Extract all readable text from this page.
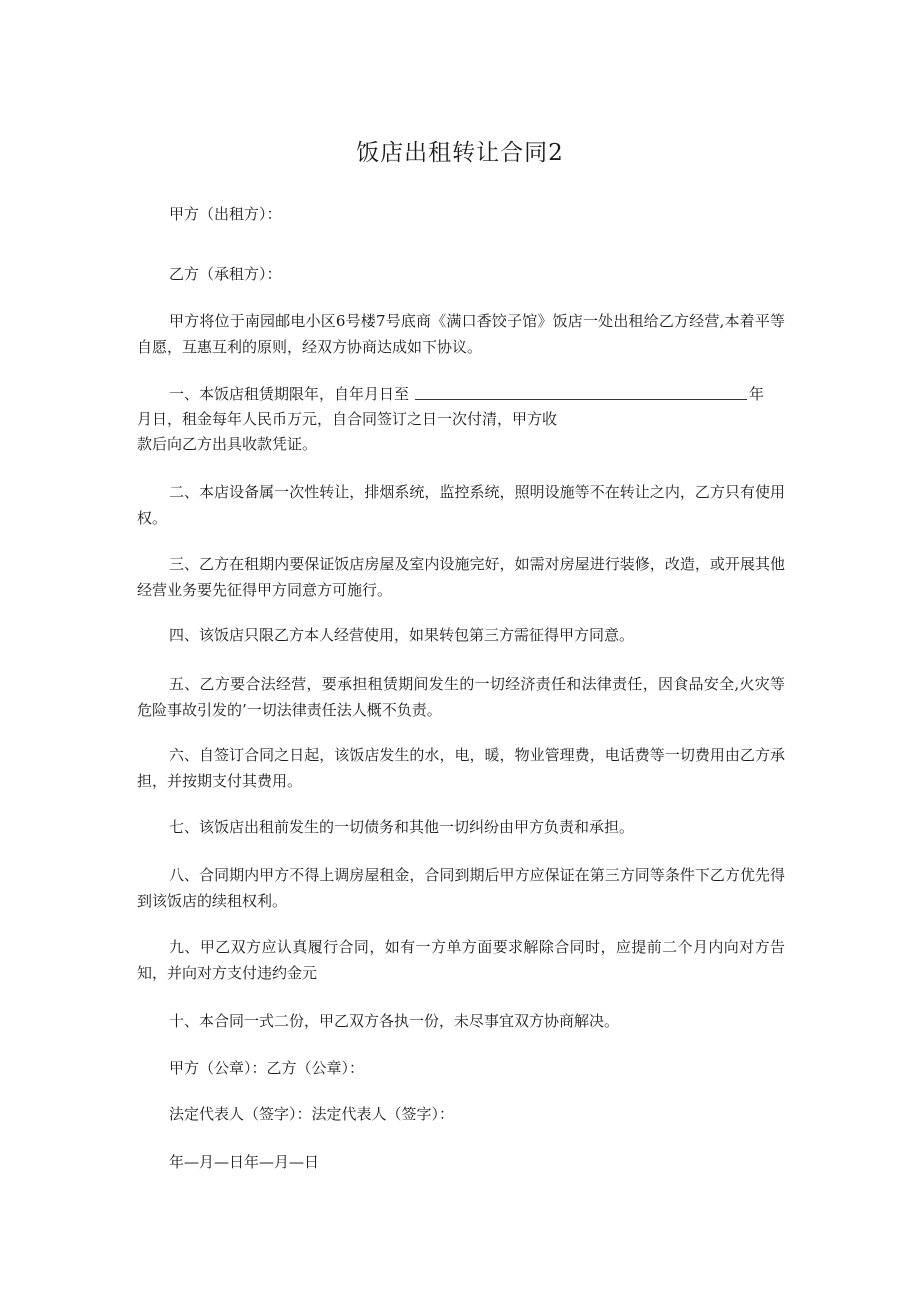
饭店出租转让合同2

甲方（出租方）：

乙方（承租方）：

甲方将位于南园邮电小区6号楼7号底商《满口香饺子馆》饭店一处出租给乙方经营,本着平等自愿，互惠互利的原则，经双方协商达成如下协议。

一、本饭店租赁期限年，自年月日至	年

月日，租金每年人民币万元，自合同签订之日一次付清，甲方收

款后向乙方出具收款凭证。

二、本店设备属一次性转让，排烟系统，监控系统，照明设施等不在转让之内，乙方只有使用权。

三、乙方在租期内要保证饭店房屋及室内设施完好，如需对房屋进行装修，改造，或开展其他经营业务要先征得甲方同意方可施行。

四、该饭店只限乙方本人经营使用，如果转包第三方需征得甲方同意。

五、乙方要合法经营，要承担租赁期间发生的一切经济责任和法律责任，因食品安全,火灾等危险事故引发的’一切法律责任法人概不负责。

六、自签订合同之日起，该饭店发生的水，电，暖，物业管理费，电话费等一切费用由乙方承担，并按期支付其费用。

七、该饭店出租前发生的一切债务和其他一切纠纷由甲方负责和承担。

八、合同期内甲方不得上调房屋租金，合同到期后甲方应保证在第三方同等条件下乙方优先得到该饭店的续租权利。

九、甲乙双方应认真履行合同，如有一方单方面要求解除合同时，应提前二个月内向对方告知，并向对方支付违约金元

十、本合同一式二份，甲乙双方各执一份，未尽事宜双方协商解决。

甲方（公章）：乙方（公章）：

法定代表人（签字）：法定代表人（签字）：

年—月—日年—月—日
